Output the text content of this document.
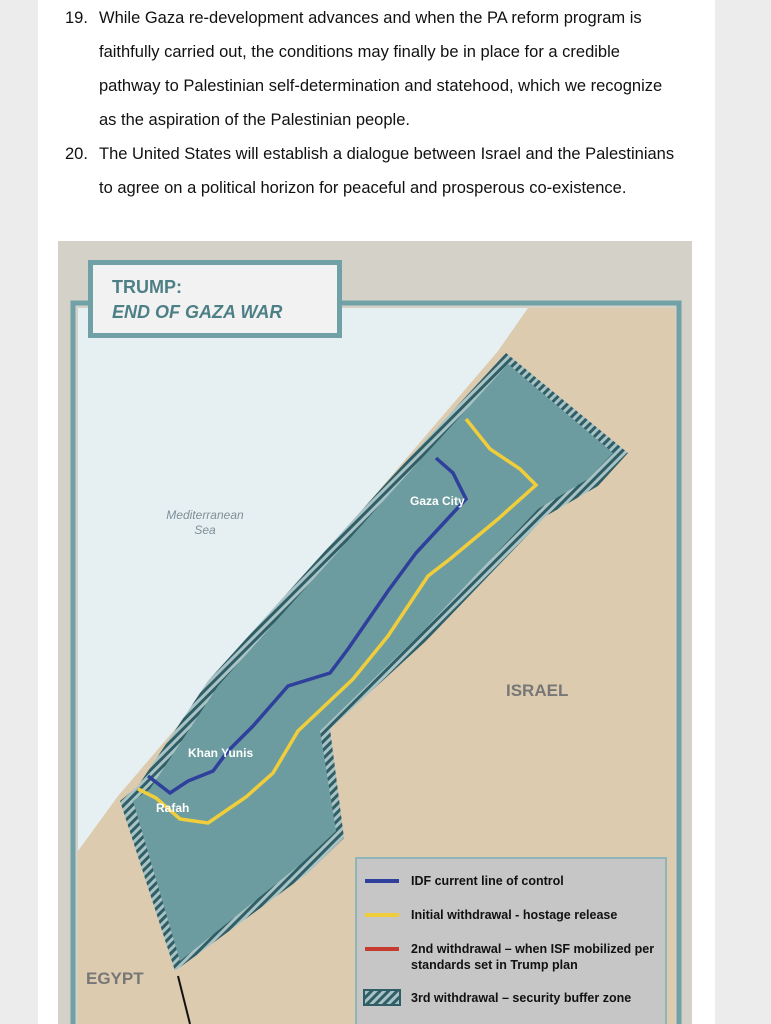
19. While Gaza re-development advances and when the PA reform program is
faithfully carried out, the conditions may finally be in place for a credible
pathway to Palestinian self-determination and statehood, which we recognize
as the aspiration of the Palestinian people.
20. The United States will establish a dialogue between Israel and the Palestinians
to agree on a political horizon for peaceful and prosperous co-existence.
TRUMP:
END OF GAZA WAR
Mediterranean
Sea
Gaza City
Khan Yunis
Rafah
ISRAEL
EGYPT
IDF current line of control
Initial withdrawal - hostage release
2nd withdrawal – when ISF mobilized per standards set in Trump plan
3rd withdrawal – security buffer zone
